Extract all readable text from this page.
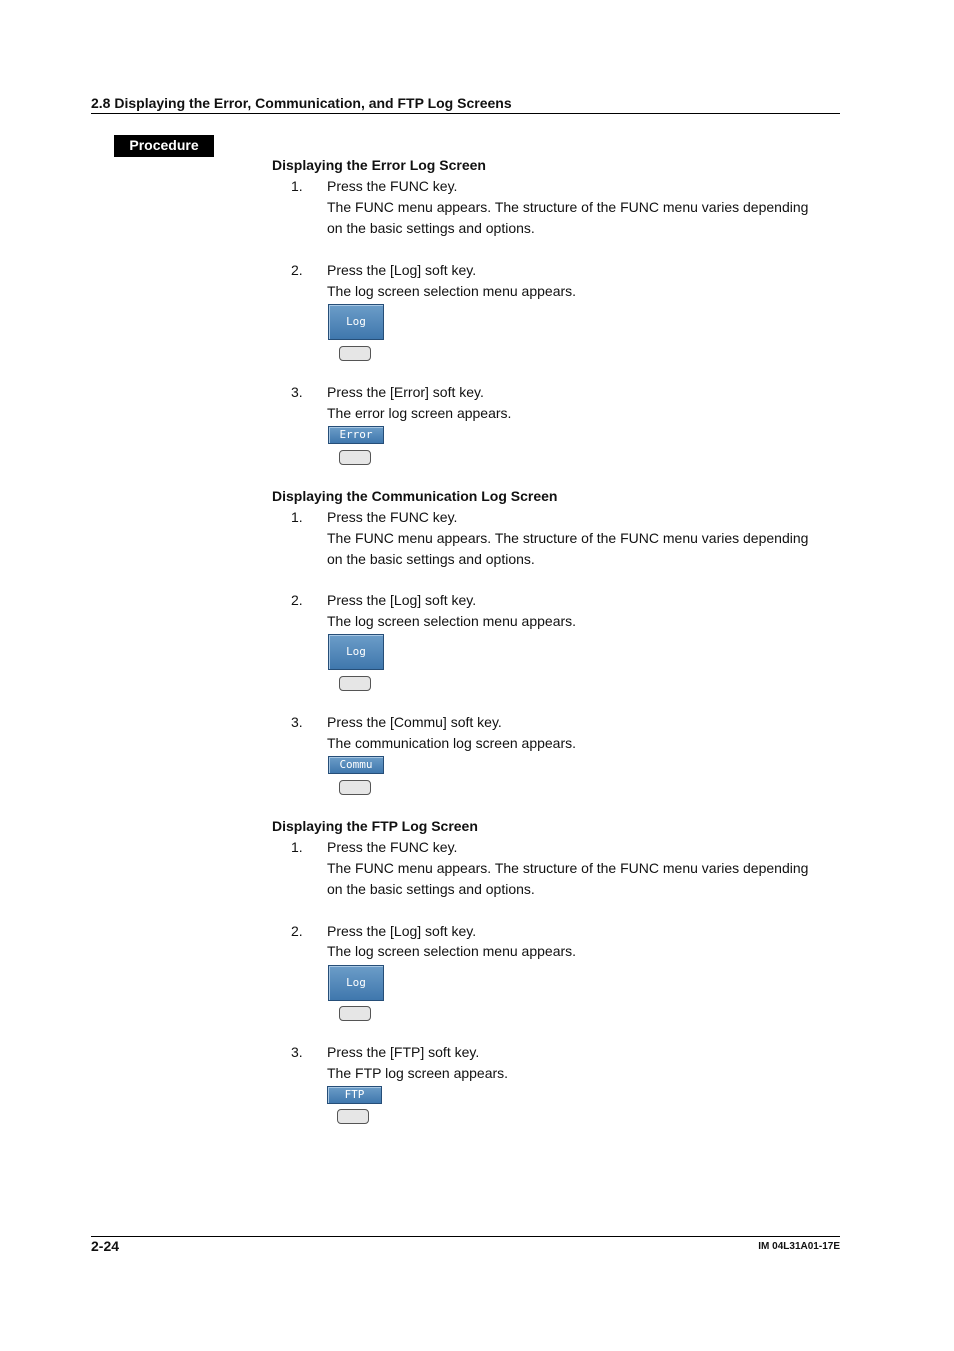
2.8 Displaying the Error, Communication, and FTP Log Screens
Procedure
Displaying the Error Log Screen
1. Press the FUNC key.
The FUNC menu appears. The structure of the FUNC menu varies depending
on the basic settings and options.
2. Press the [Log] soft key.
The log screen selection menu appears.
Log
3. Press the [Error] soft key.
The error log screen appears.
Error
Displaying the Communication Log Screen
1. Press the FUNC key.
The FUNC menu appears. The structure of the FUNC menu varies depending
on the basic settings and options.
2. Press the [Log] soft key.
The log screen selection menu appears.
Log
3. Press the [Commu] soft key.
The communication log screen appears.
Commu
Displaying the FTP Log Screen
1. Press the FUNC key.
The FUNC menu appears. The structure of the FUNC menu varies depending
on the basic settings and options.
2. Press the [Log] soft key.
The log screen selection menu appears.
Log
3. Press the [FTP] soft key.
The FTP log screen appears.
FTP
2-24	IM 04L31A01-17E
